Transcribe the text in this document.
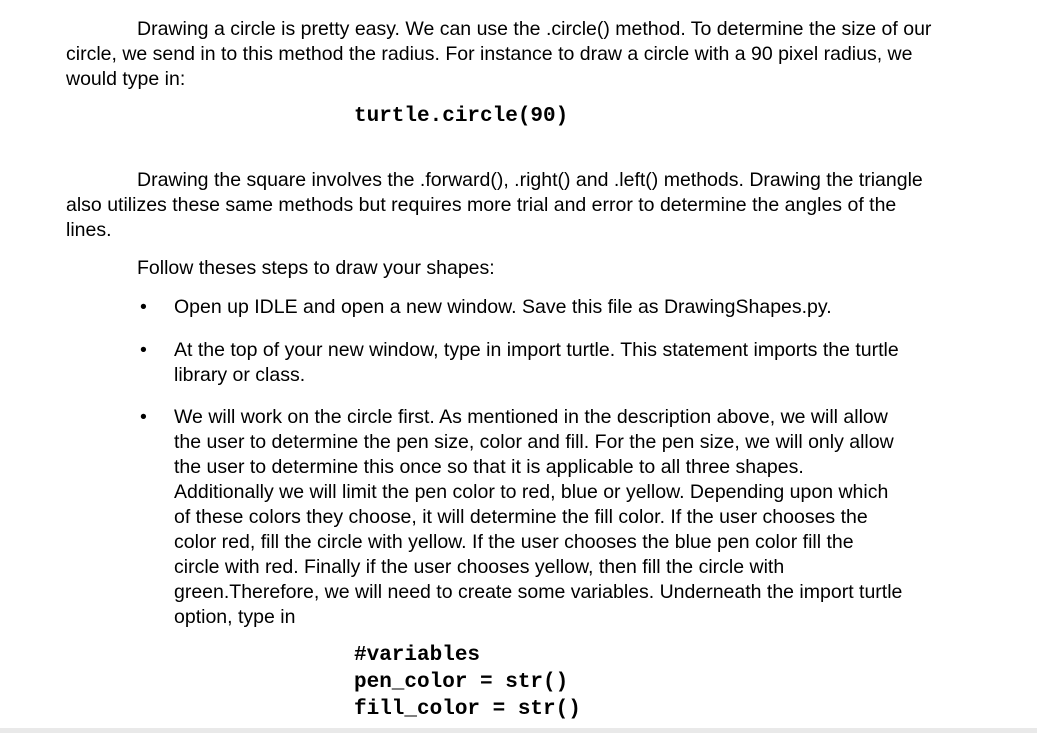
Drawing a circle is pretty easy. We can use the .circle() method. To determine the size of our circle, we send in to this method the radius. For instance to draw a circle with a 90 pixel radius, we would type in:
turtle.circle(90)
Drawing the square involves the .forward(), .right() and .left() methods. Drawing the triangle also utilizes these same methods but requires more trial and error to determine the angles of the lines.
Follow theses steps to draw your shapes:
• Open up IDLE and open a new window. Save this file as DrawingShapes.py.
• At the top of your new window, type in import turtle. This statement imports the turtle library or class.
• We will work on the circle first. As mentioned in the description above, we will allow the user to determine the pen size, color and fill. For the pen size, we will only allow the user to determine this once so that it is applicable to all three shapes. Additionally we will limit the pen color to red, blue or yellow. Depending upon which of these colors they choose, it will determine the fill color. If the user chooses the color red, fill the circle with yellow. If the user chooses the blue pen color fill the circle with red. Finally if the user chooses yellow, then fill the circle with green.Therefore, we will need to create some variables. Underneath the import turtle option, type in
#variables
pen_color = str()
fill_color = str()
